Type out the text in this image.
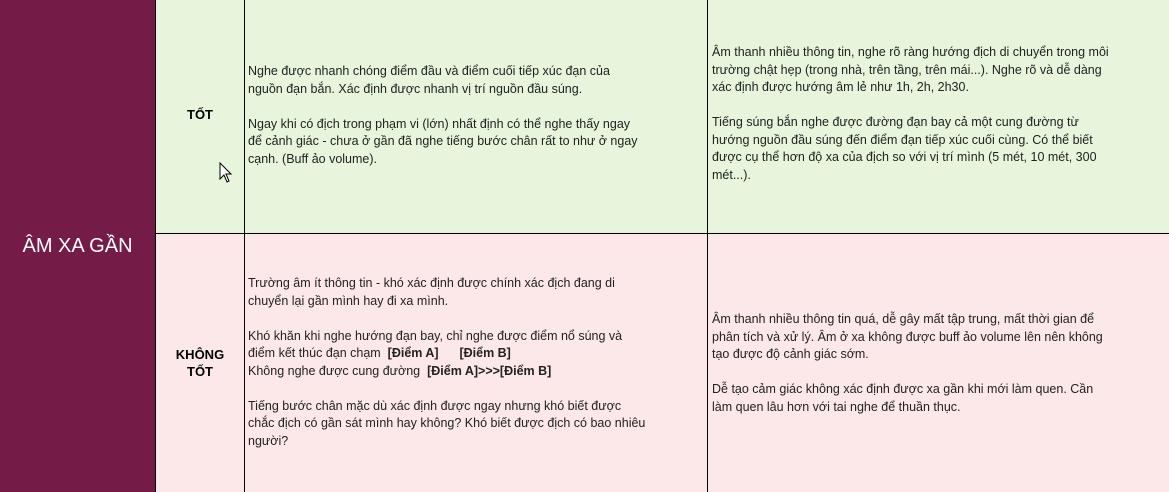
ÂM XA GẦN
TỐT

Nghe được nhanh chóng điểm đầu và điểm cuối tiếp xúc đạn của

nguồn đạn bắn. Xác định được nhanh vị trí nguồn đầu súng.

Ngay khi có địch trong phạm vi (lớn) nhất định có thể nghe thấy ngay

để cảnh giác - chưa ở gần đã nghe tiếng bước chân rất to như ở ngay

cạnh. (Buff ảo volume).

Âm thanh nhiều thông tin, nghe rõ ràng hướng địch di chuyển trong môi

trường chật hẹp (trong nhà, trên tầng, trên mái...). Nghe rõ và dễ dàng

xác định được hướng âm lẻ như 1h, 2h, 2h30.

Tiếng súng bắn nghe được đường đạn bay cả một cung đường từ

hướng nguồn đầu súng đến điểm đạn tiếp xúc cuối cùng. Có thể biết

được cụ thể hơn độ xa của địch so với vị trí mình (5 mét, 10 mét, 300

mét...).

KHÔNG
TỐT

Trường âm ít thông tin - khó xác định được chính xác địch đang di

chuyển lại gần mình hay đi xa mình.

Khó khăn khi nghe hướng đạn bay, chỉ nghe được điểm nổ súng và

điểm kết thúc đạn chạm [Điểm A] [Điểm B]

Không nghe được cung đường [Điểm A]>>>[Điểm B]

Tiếng bước chân mặc dù xác định được ngay nhưng khó biết được

chắc địch có gần sát mình hay không? Khó biết được địch có bao nhiêu

người?

Âm thanh nhiều thông tin quá, dễ gây mất tập trung, mất thời gian để

phân tích và xử lý. Âm ở xa không được buff ảo volume lên nên không

tạo được độ cảnh giác sớm.

Dễ tạo cảm giác không xác định được xa gần khi mới làm quen. Cần

làm quen lâu hơn với tai nghe để thuần thục.
